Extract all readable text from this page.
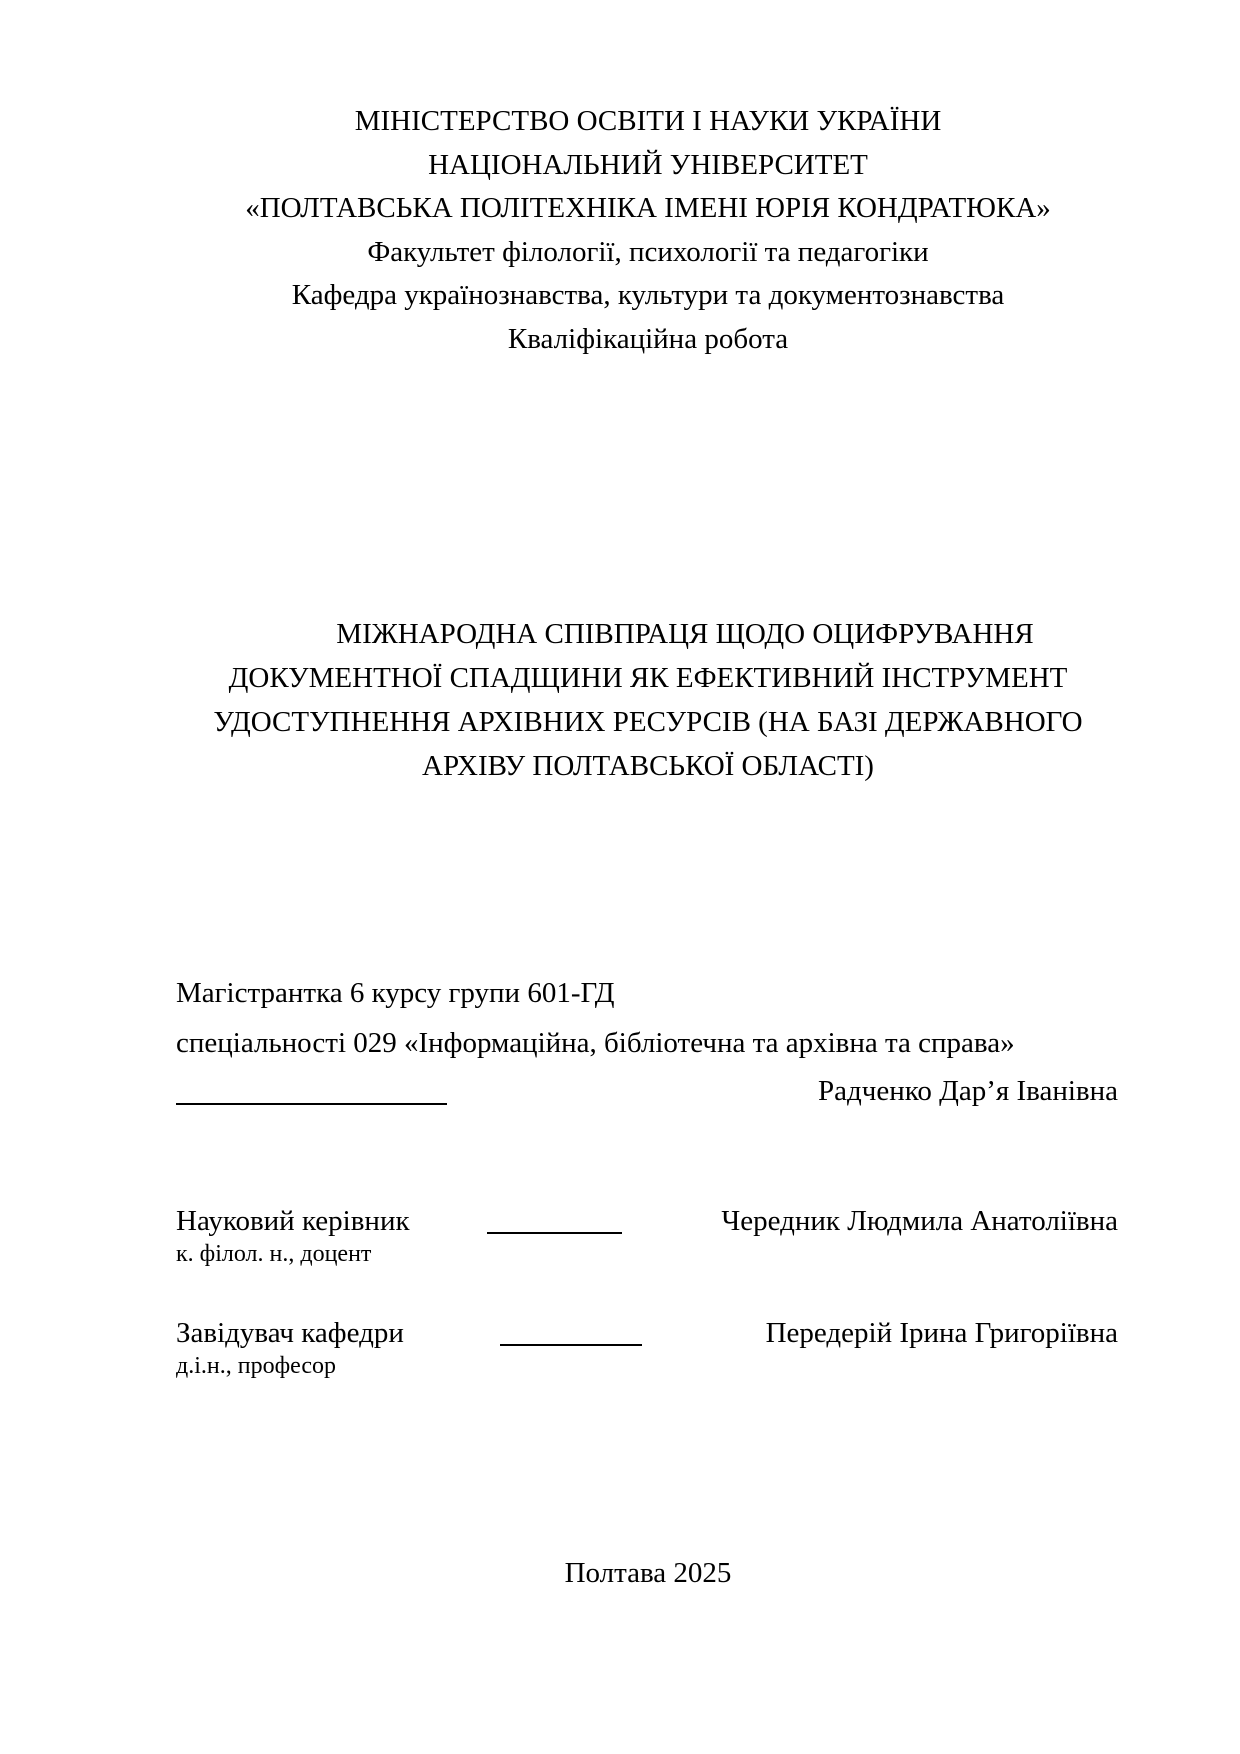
МІНІСТЕРСТВО ОСВІТИ І НАУКИ УКРАЇНИ
НАЦІОНАЛЬНИЙ УНІВЕРСИТЕТ
«ПОЛТАВСЬКА ПОЛІТЕХНІКА ІМЕНІ ЮРІЯ КОНДРАТЮКА»
Факультет філології, психології та педагогіки
Кафедра українознавства, культури та документознавства
Кваліфікаційна робота
МІЖНАРОДНА СПІВПРАЦЯ ЩОДО ОЦИФРУВАННЯ
ДОКУМЕНТНОЇ СПАДЩИНИ ЯК ЕФЕКТИВНИЙ ІНСТРУМЕНТ
УДОСТУПНЕННЯ АРХІВНИХ РЕСУРСІВ (НА БАЗІ ДЕРЖАВНОГО
АРХІВУ ПОЛТАВСЬКОЇ ОБЛАСТІ)
Магістрантка 6 курсу групи 601-ГД
спеціальності 029 «Інформаційна, бібліотечна та архівна та справа»
Радченко Дар’я Іванівна
Науковий керівник	Чередник Людмила Анатоліївна
к. філол. н., доцент
Завідувач кафедри	Передерій Ірина Григоріївна
д.і.н., професор
Полтава 2025
